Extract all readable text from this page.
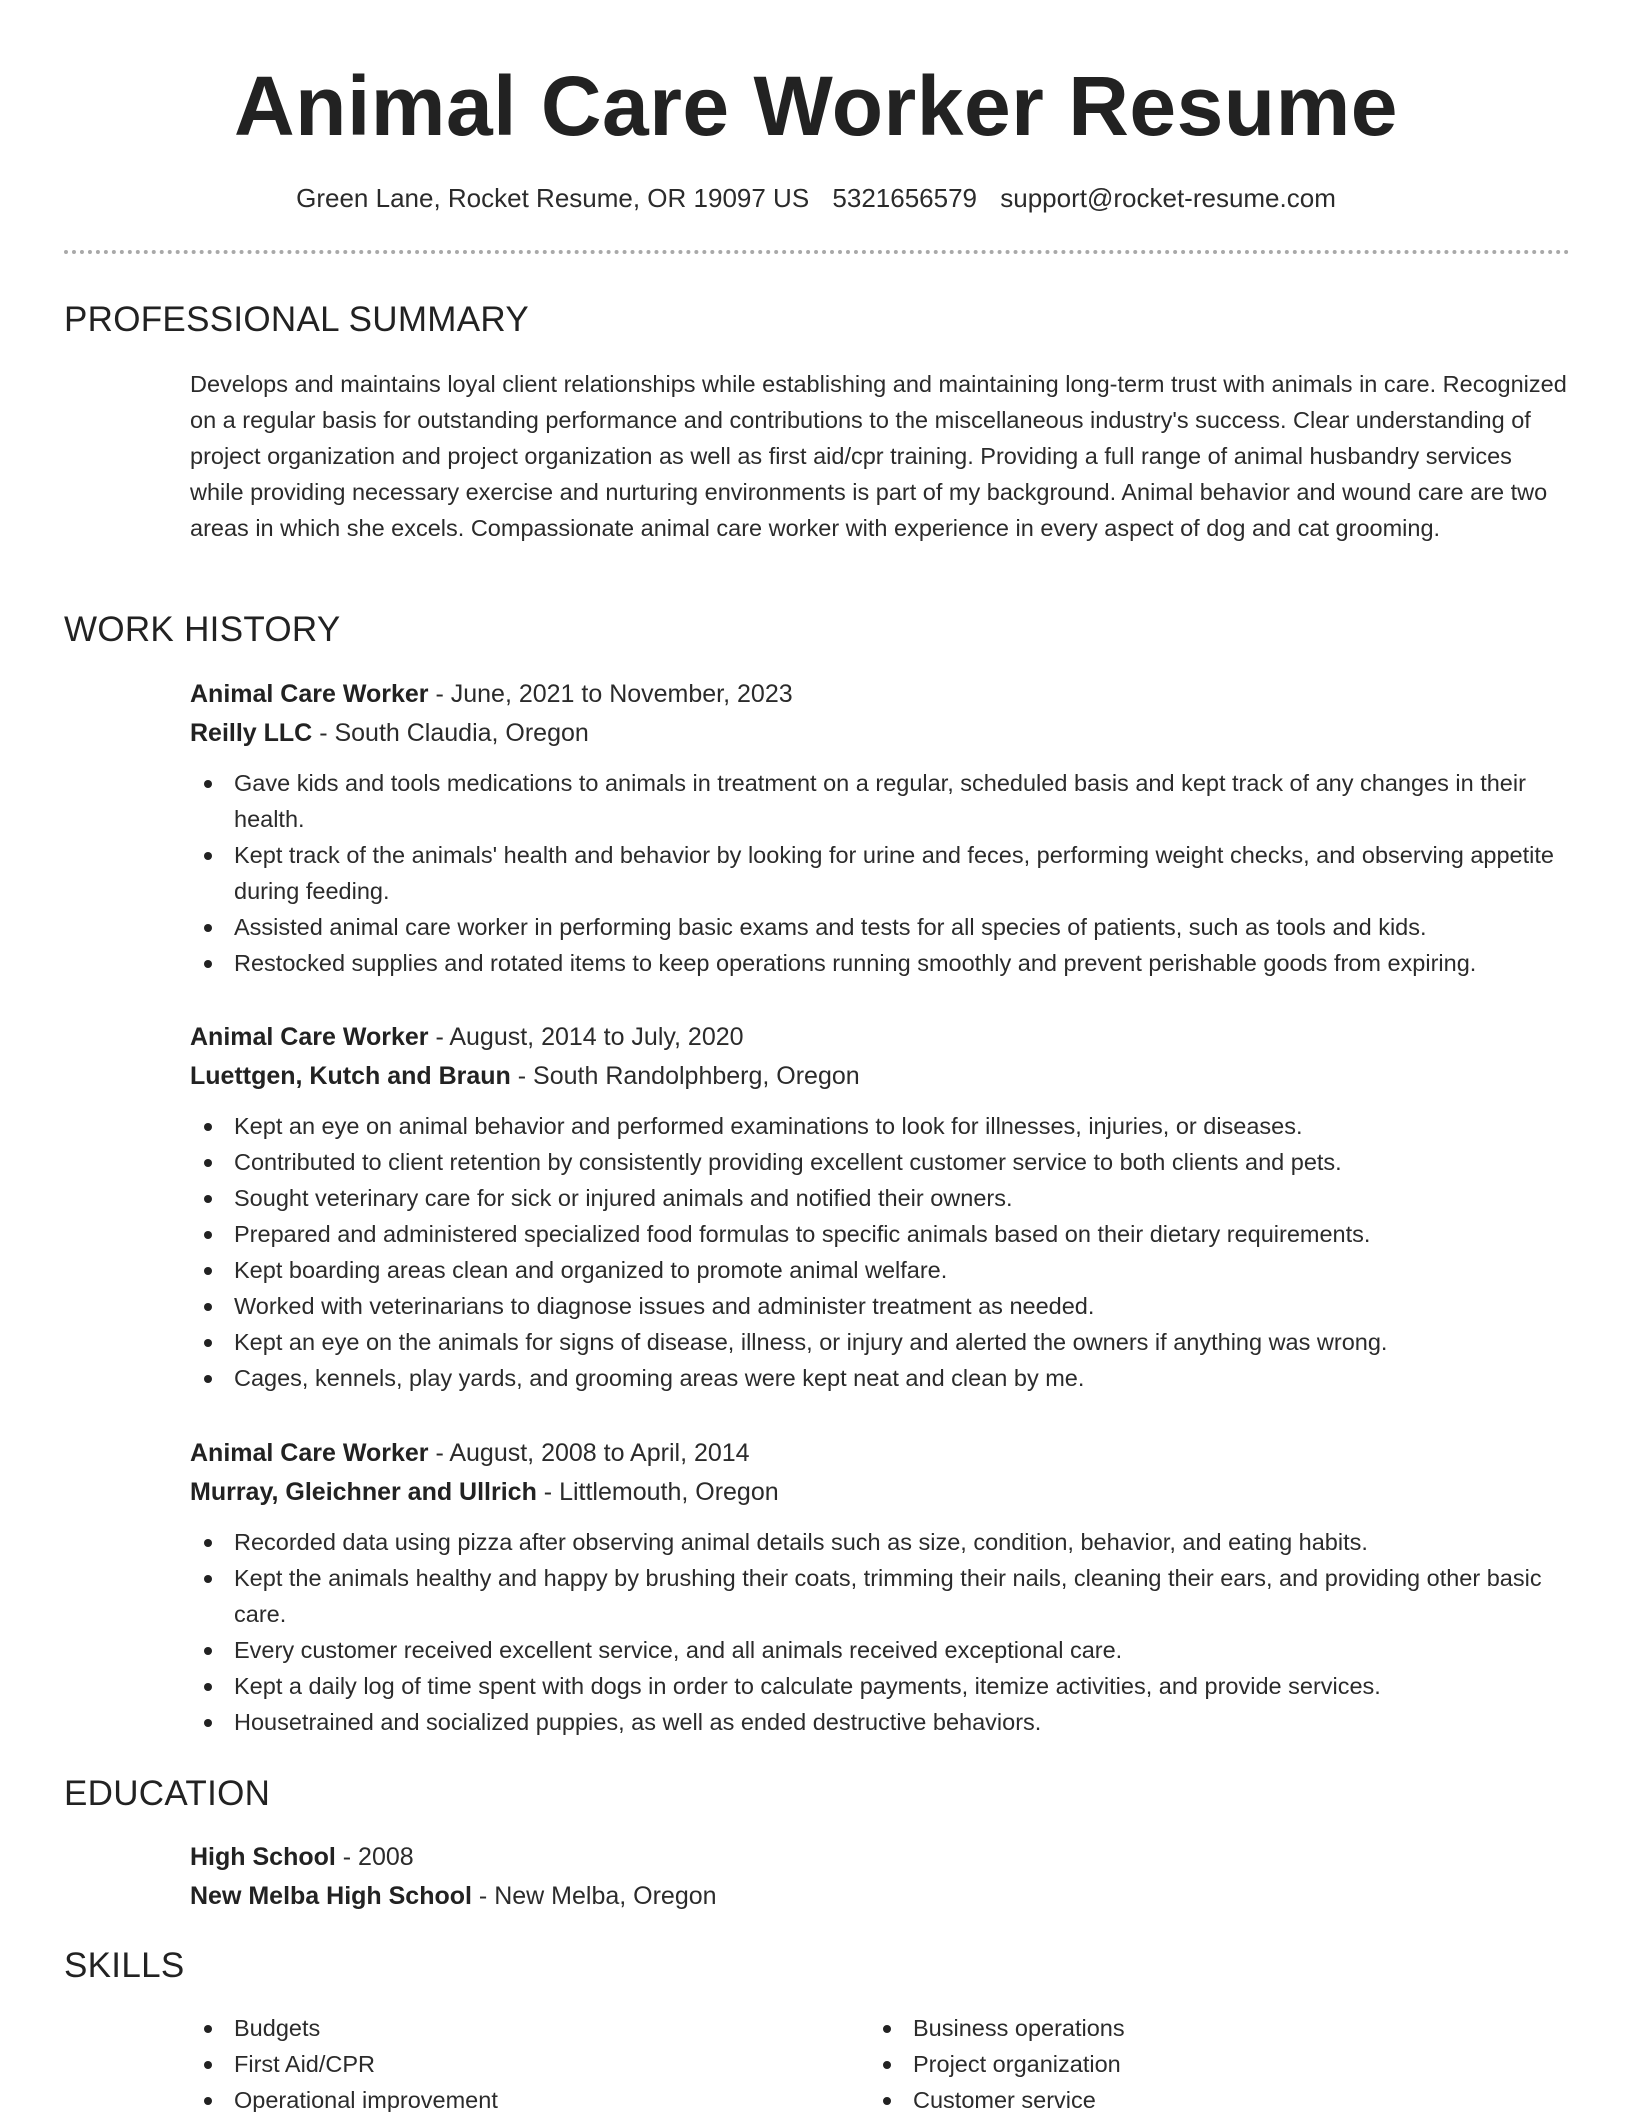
Animal Care Worker Resume
Green Lane, Rocket Resume, OR 19097 US 5321656579 support@rocket-resume.com
PROFESSIONAL SUMMARY

Develops and maintains loyal client relationships while establishing and maintaining long-term trust with animals in care. Recognized on a regular basis for outstanding performance and contributions to the miscellaneous industry's success. Clear understanding of project organization and project organization as well as first aid/cpr training. Providing a full range of animal husbandry services while providing necessary exercise and nurturing environments is part of my background. Animal behavior and wound care are two areas in which she excels. Compassionate animal care worker with experience in every aspect of dog and cat grooming.

WORK HISTORY
Animal Care Worker - June, 2021 to November, 2023
Reilly LLC - South Claudia, Oregon
Gave kids and tools medications to animals in treatment on a regular, scheduled basis and kept track of any changes in their health.
Kept track of the animals' health and behavior by looking for urine and feces, performing weight checks, and observing appetite during feeding.
Assisted animal care worker in performing basic exams and tests for all species of patients, such as tools and kids.
Restocked supplies and rotated items to keep operations running smoothly and prevent perishable goods from expiring.
Animal Care Worker - August, 2014 to July, 2020
Luettgen, Kutch and Braun - South Randolphberg, Oregon
Kept an eye on animal behavior and performed examinations to look for illnesses, injuries, or diseases.
Contributed to client retention by consistently providing excellent customer service to both clients and pets.
Sought veterinary care for sick or injured animals and notified their owners.
Prepared and administered specialized food formulas to specific animals based on their dietary requirements.
Kept boarding areas clean and organized to promote animal welfare.
Worked with veterinarians to diagnose issues and administer treatment as needed.
Kept an eye on the animals for signs of disease, illness, or injury and alerted the owners if anything was wrong.
Cages, kennels, play yards, and grooming areas were kept neat and clean by me.
Animal Care Worker - August, 2008 to April, 2014
Murray, Gleichner and Ullrich - Littlemouth, Oregon
Recorded data using pizza after observing animal details such as size, condition, behavior, and eating habits.
Kept the animals healthy and happy by brushing their coats, trimming their nails, cleaning their ears, and providing other basic care.
Every customer received excellent service, and all animals received exceptional care.
Kept a daily log of time spent with dogs in order to calculate payments, itemize activities, and provide services.
Housetrained and socialized puppies, as well as ended destructive behaviors.
EDUCATION
High School - 2008
New Melba High School - New Melba, Oregon
SKILLS
Budgets
First Aid/CPR
Operational improvement
Business operations
Project organization
Customer service
